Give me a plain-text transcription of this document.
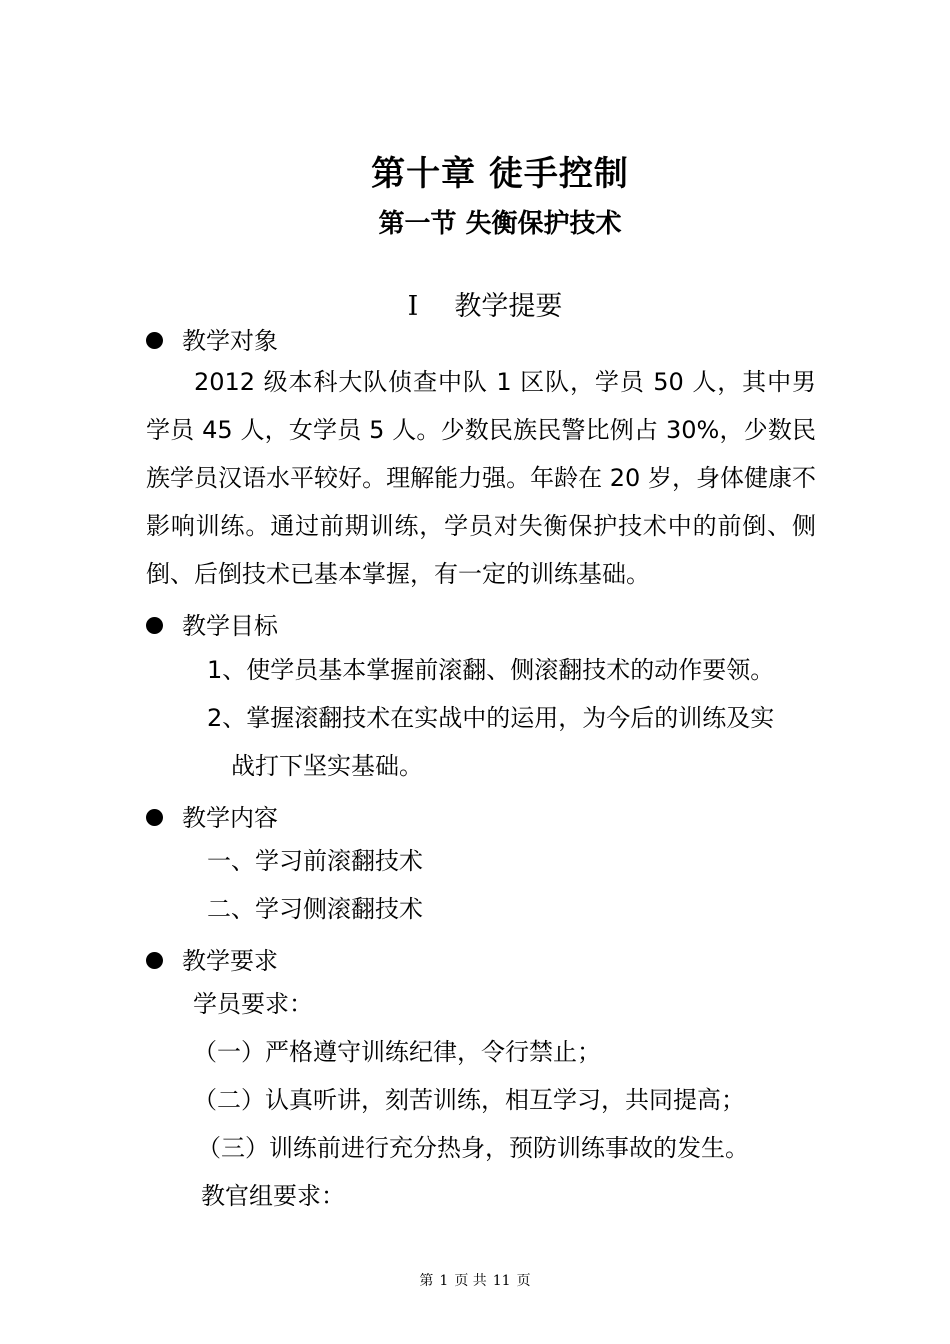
第十章 徒手控制
第一节 失衡保护技术
I 教学提要
教学对象
2012 级本科大队侦查中队 1 区队，学员 50 人，其中男学员 45 人，女学员 5 人。少数民族民警比例占 30%，少数民族学员汉语水平较好。理解能力强。年龄在 20 岁，身体健康不影响训练。通过前期训练，学员对失衡保护技术中的前倒、侧倒、后倒技术已基本掌握，有一定的训练基础。
教学目标
1、使学员基本掌握前滚翻、侧滚翻技术的动作要领。
2、掌握滚翻技术在实战中的运用，为今后的训练及实
战打下坚实基础。
教学内容
一、学习前滚翻技术
二、学习侧滚翻技术
教学要求
学员要求：
（一）严格遵守训练纪律，令行禁止；
（二）认真听讲，刻苦训练，相互学习，共同提高；
（三）训练前进行充分热身，预防训练事故的发生。
教官组要求：
第 1 页 共 11 页
